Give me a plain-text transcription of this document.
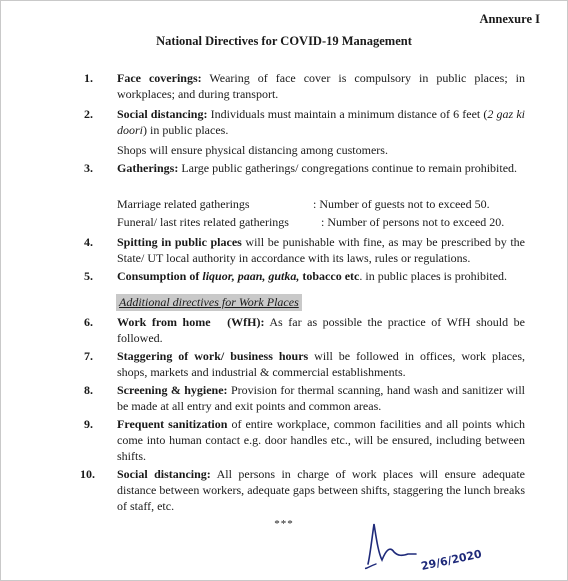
Annexure I
National Directives for COVID-19 Management
1. Face coverings: Wearing of face cover is compulsory in public places; in workplaces; and during transport.
2. Social distancing: Individuals must maintain a minimum distance of 6 feet (2 gaz ki doori) in public places.
Shops will ensure physical distancing among customers.
3. Gatherings: Large public gatherings/ congregations continue to remain prohibited.
Marriage related gatherings	: Number of guests not to exceed 50.
Funeral/ last rites related gatherings	: Number of persons not to exceed 20.
4. Spitting in public places will be punishable with fine, as may be prescribed by the State/ UT local authority in accordance with its laws, rules or regulations.
5. Consumption of liquor, paan, gutka, tobacco etc. in public places is prohibited.
Additional directives for Work Places
6. Work from home (WfH): As far as possible the practice of WfH should be followed.
7. Staggering of work/ business hours will be followed in offices, work places, shops, markets and industrial & commercial establishments.
8. Screening & hygiene: Provision for thermal scanning, hand wash and sanitizer will be made at all entry and exit points and common areas.
9. Frequent sanitization of entire workplace, common facilities and all points which come into human contact e.g. door handles etc., will be ensured, including between shifts.
10. Social distancing: All persons in charge of work places will ensure adequate distance between workers, adequate gaps between shifts, staggering the lunch breaks of staff, etc.
***
29/6/2020
